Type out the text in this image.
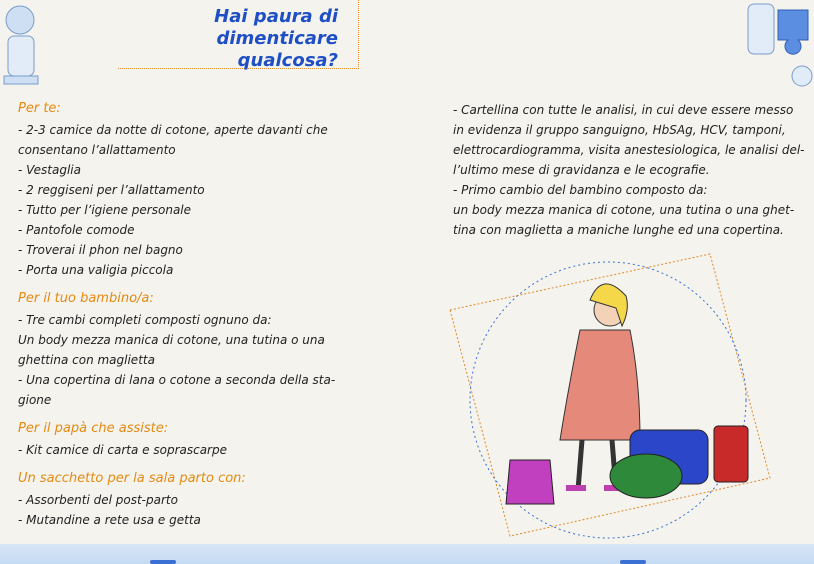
Hai paura di
dimenticare qualcosa?

Per te:

- 2-3 camice da notte di cotone, aperte davanti che

consentano l’allattamento

- Vestaglia

- 2 reggiseni per l’allattamento

- Tutto per l’igiene personale

- Pantofole comode

- Troverai il phon nel bagno

- Porta una valigia piccola

Per il tuo bambino/a:

- Tre cambi completi composti ognuno da:

Un body mezza manica di cotone, una tutina o una

ghettina con maglietta

- Una copertina di lana o cotone a seconda della sta-

gione

Per il papà che assiste:

- Kit camice di carta e soprascarpe

Un sacchetto per la sala parto con:

- Assorbenti del post-parto

- Mutandine a rete usa e getta

- Cartellina con tutte le analisi, in cui deve essere messo

in evidenza il gruppo sanguigno, HbSAg, HCV, tamponi,

elettrocardiogramma, visita anestesiologica, le analisi del-

l’ultimo mese di gravidanza e le ecografie.

- Primo cambio del bambino composto da:

un body mezza manica di cotone, una tutina o una ghet-

tina con maglietta a maniche lunghe ed una copertina.
